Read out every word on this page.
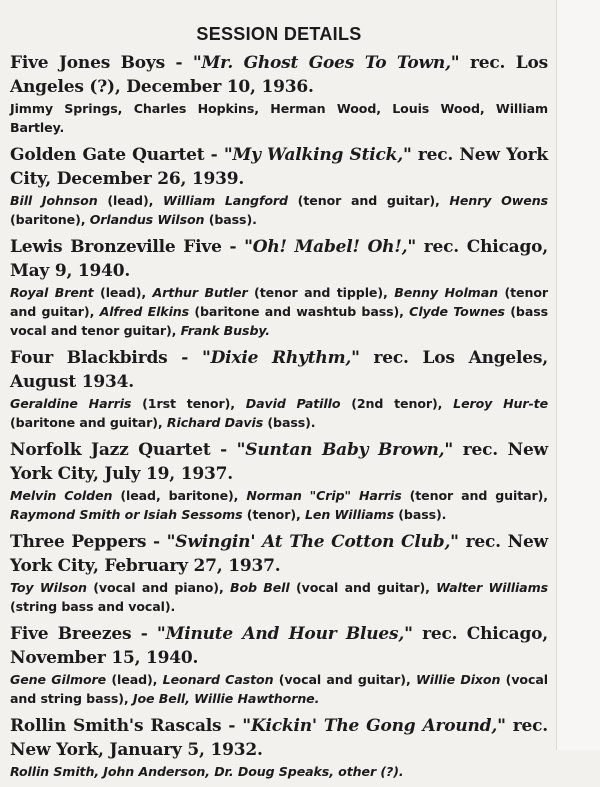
SESSION DETAILS
Five Jones Boys - "Mr. Ghost Goes To Town," rec. Los Angeles (?), December 10, 1936.
Jimmy Springs, Charles Hopkins, Herman Wood, Louis Wood, William Bartley.
Golden Gate Quartet - "My Walking Stick," rec. New York City, December 26, 1939.
Bill Johnson (lead), William Langford (tenor and guitar), Henry Owens (baritone), Orlandus Wilson (bass).
Lewis Bronzeville Five - "Oh! Mabel! Oh!," rec. Chicago, May 9, 1940.
Royal Brent (lead), Arthur Butler (tenor and tipple), Benny Holman (tenor and guitar), Alfred Elkins (baritone and washtub bass), Clyde Townes (bass vocal and tenor guitar), Frank Busby.
Four Blackbirds - "Dixie Rhythm," rec. Los Angeles, August 1934.
Geraldine Harris (1rst tenor), David Patillo (2nd tenor), Leroy Hur-te (baritone and guitar), Richard Davis (bass).
Norfolk Jazz Quartet - "Suntan Baby Brown," rec. New York City, July 19, 1937.
Melvin Colden (lead, baritone), Norman "Crip" Harris (tenor and guitar), Raymond Smith or Isiah Sessoms (tenor), Len Williams (bass).
Three Peppers - "Swingin' At The Cotton Club," rec. New York City, February 27, 1937.
Toy Wilson (vocal and piano), Bob Bell (vocal and guitar), Walter Williams (string bass and vocal).
Five Breezes - "Minute And Hour Blues," rec. Chicago, November 15, 1940.
Gene Gilmore (lead), Leonard Caston (vocal and guitar), Willie Dixon (vocal and string bass), Joe Bell, Willie Hawthorne.
Rollin Smith's Rascals - "Kickin' The Gong Around," rec. New York, January 5, 1932.
Rollin Smith, John Anderson, Dr. Doug Speaks, other (?).
